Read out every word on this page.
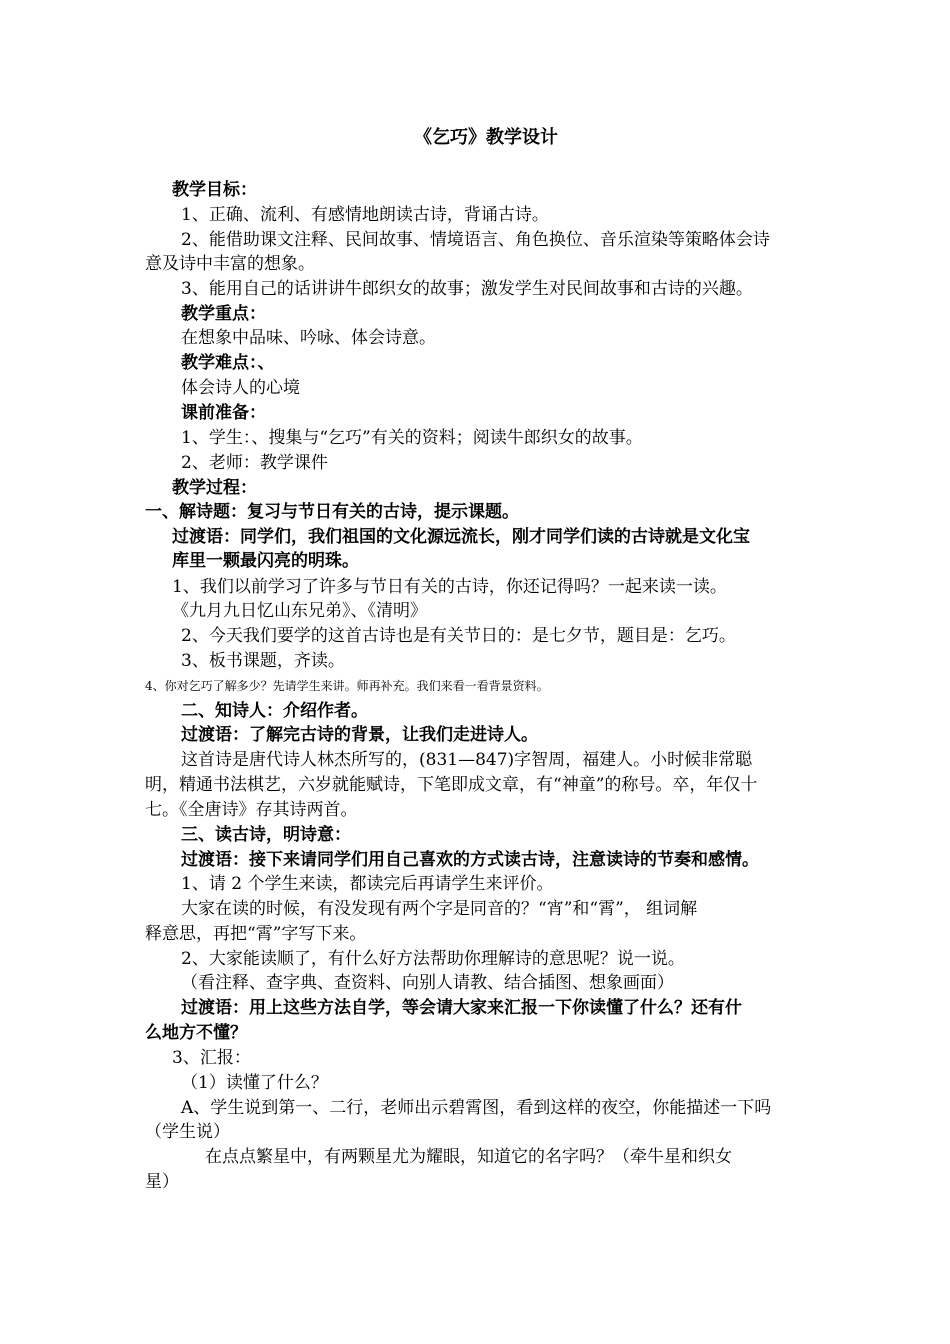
《乞巧》教学设计
教学目标：
1、正确、流利、有感情地朗读古诗，背诵古诗。
2、能借助课文注释、民间故事、情境语言、角色换位、音乐渲染等策略体会诗
意及诗中丰富的想象。
3、能用自己的话讲讲牛郎织女的故事；激发学生对民间故事和古诗的兴趣。
教学重点：
在想象中品味、吟咏、体会诗意。
教学难点：、
体会诗人的心境
课前准备：
1、学生：、搜集与“乞巧”有关的资料；阅读牛郎织女的故事。
2、老师：教学课件
教学过程：
一、解诗题：复习与节日有关的古诗，提示课题。
过渡语：同学们，我们祖国的文化源远流长，刚才同学们读的古诗就是文化宝
库里一颗最闪亮的明珠。
1、我们以前学习了许多与节日有关的古诗，你还记得吗？一起来读一读。
《九月九日忆山东兄弟》、《清明》
2、今天我们要学的这首古诗也是有关节日的：是七夕节，题目是：乞巧。
3、板书课题，齐读。
4、你对乞巧了解多少？先请学生来讲。师再补充。我们来看一看背景资料。
二、知诗人：介绍作者。
过渡语：了解完古诗的背景，让我们走进诗人。
这首诗是唐代诗人林杰所写的，(831—847)字智周，福建人。小时候非常聪
明，精通书法棋艺，六岁就能赋诗，下笔即成文章，有“神童”的称号。卒，年仅十
七。《全唐诗》存其诗两首。
三、读古诗，明诗意：
过渡语：接下来请同学们用自己喜欢的方式读古诗，注意读诗的节奏和感情。
1、请 2 个学生来读，都读完后再请学生来评价。
大家在读的时候，有没发现有两个字是同音的？“宵”和“霄”， 组词解
释意思，再把“霄”字写下来。
2、大家能读顺了，有什么好方法帮助你理解诗的意思呢？说一说。
（看注释、查字典、查资料、向别人请教、结合插图、想象画面）
过渡语：用上这些方法自学，等会请大家来汇报一下你读懂了什么？还有什
么地方不懂？
3、汇报：
（1）读懂了什么？
A、学生说到第一、二行，老师出示碧霄图，看到这样的夜空，你能描述一下吗
（学生说）
在点点繁星中，有两颗星尤为耀眼，知道它的名字吗？（牵牛星和织女
星）
